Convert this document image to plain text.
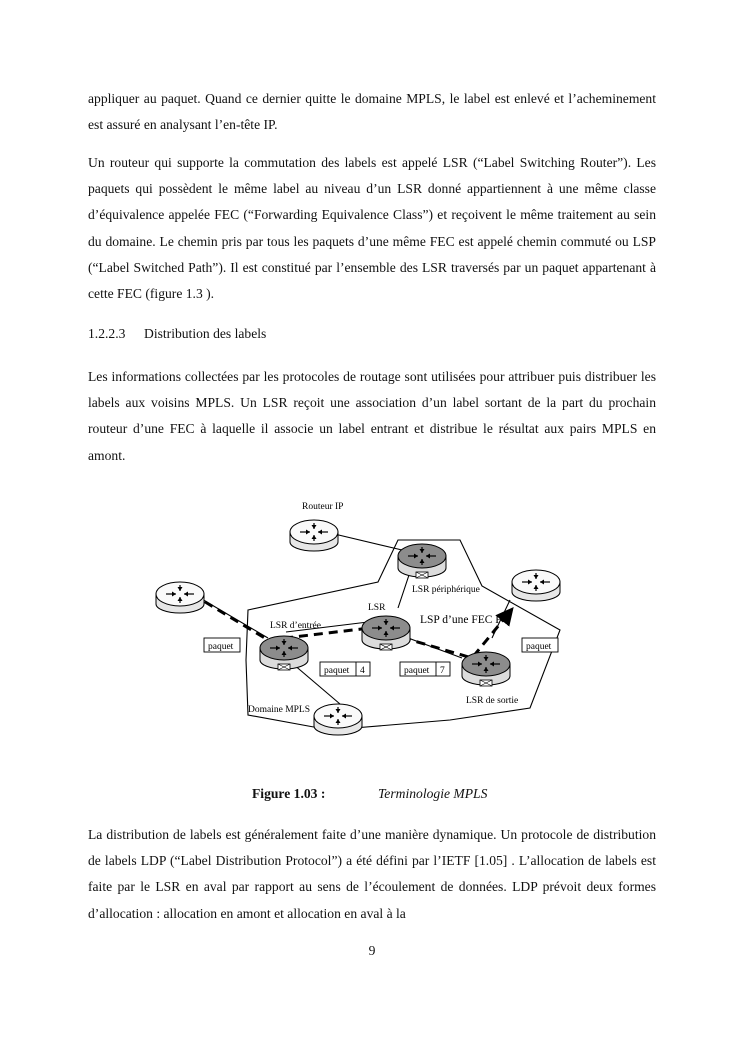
appliquer au paquet. Quand ce dernier quitte le domaine MPLS, le label est enlevé et l’acheminement est assuré en analysant l’en-tête IP.

Un routeur qui supporte la commutation des labels est appelé LSR (“Label Switching Router”). Les paquets qui possèdent le même label au niveau d’un LSR donné appartiennent à une même classe d’équivalence appelée FEC (“Forwarding Equivalence Class”) et reçoivent le même traitement au sein du domaine. Le chemin pris par tous les paquets d’une même FEC est appelé chemin commuté ou LSP (“Label Switched Path”). Il est constitué par l’ensemble des LSR traversés par un paquet appartenant à cette FEC (figure 1.3 ).

1.2.2.3 Distribution des labels

Les informations collectées par les protocoles de routage sont utilisées pour attribuer puis distribuer les labels aux voisins MPLS. Un LSR reçoit une association d’un label sortant de la part du prochain routeur d’une FEC à laquelle il associe un label entrant et distribue le résultat aux pairs MPLS en amont.

Routeur IP
LSR périphérique
LSR
LSR d’entrée	LSP d’une FEC F
LSR de sortie
Domaine MPLS
paquet	paquet
paquet 4	paquet 7
Figure 1.03 :	Terminologie MPLS

La distribution de labels est généralement faite d’une manière dynamique. Un protocole de distribution de labels LDP (“Label Distribution Protocol”) a été défini par l’IETF [1.05] . L’allocation de labels est faite par le LSR en aval par rapport au sens de l’écoulement de données. LDP prévoit deux formes d’allocation : allocation en amont et allocation en aval à la

9
